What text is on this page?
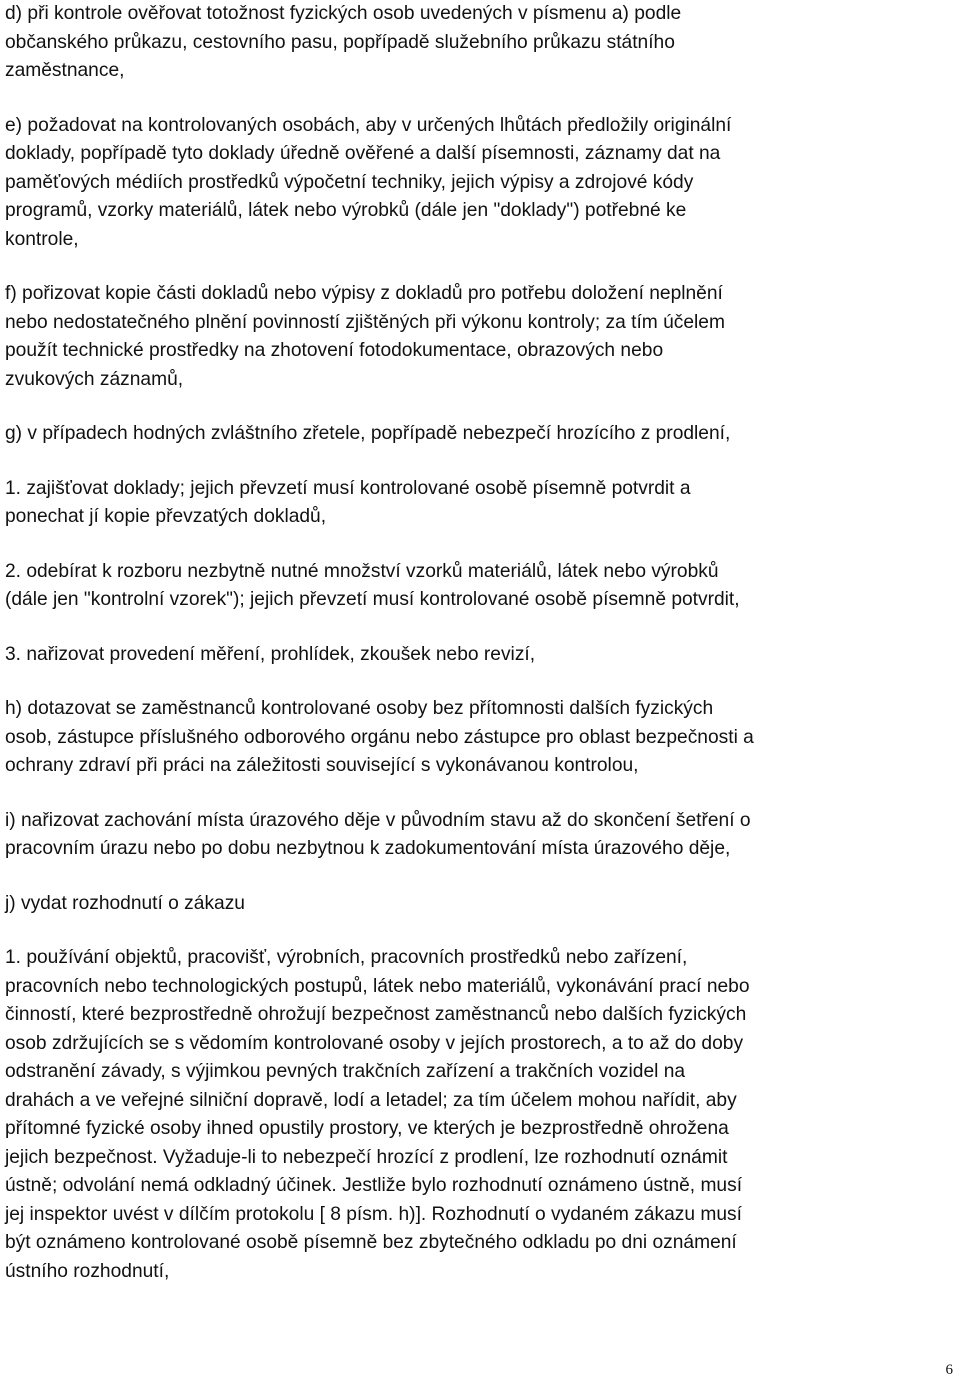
d) při kontrole ověřovat totožnost fyzických osob uvedených v písmenu a) podle
občanského průkazu, cestovního pasu, popřípadě služebního průkazu státního
zaměstnance,
e) požadovat na kontrolovaných osobách, aby v určených lhůtách předložily originální
doklady, popřípadě tyto doklady úředně ověřené a další písemnosti, záznamy dat na
paměťových médiích prostředků výpočetní techniky, jejich výpisy a zdrojové kódy
programů, vzorky materiálů, látek nebo výrobků (dále jen "doklady") potřebné ke
kontrole,
f) pořizovat kopie části dokladů nebo výpisy z dokladů pro potřebu doložení neplnění
nebo nedostatečného plnění povinností zjištěných při výkonu kontroly; za tím účelem
použít technické prostředky na zhotovení fotodokumentace, obrazových nebo
zvukových záznamů,
g) v případech hodných zvláštního zřetele, popřípadě nebezpečí hrozícího z prodlení,
1. zajišťovat doklady; jejich převzetí musí kontrolované osobě písemně potvrdit a
ponechat jí kopie převzatých dokladů,
2. odebírat k rozboru nezbytně nutné množství vzorků materiálů, látek nebo výrobků
(dále jen "kontrolní vzorek"); jejich převzetí musí kontrolované osobě písemně potvrdit,
3. nařizovat provedení měření, prohlídek, zkoušek nebo revizí,
h) dotazovat se zaměstnanců kontrolované osoby bez přítomnosti dalších fyzických
osob, zástupce příslušného odborového orgánu nebo zástupce pro oblast bezpečnosti a
ochrany zdraví při práci na záležitosti související s vykonávanou kontrolou,
i) nařizovat zachování místa úrazového děje v původním stavu až do skončení šetření o
pracovním úrazu nebo po dobu nezbytnou k zadokumentování místa úrazového děje,
j) vydat rozhodnutí o zákazu
1. používání objektů, pracovišť, výrobních, pracovních prostředků nebo zařízení,
pracovních nebo technologických postupů, látek nebo materiálů, vykonávání prací nebo
činností, které bezprostředně ohrožují bezpečnost zaměstnanců nebo dalších fyzických
osob zdržujících se s vědomím kontrolované osoby v jejích prostorech, a to až do doby
odstranění závady, s výjimkou pevných trakčních zařízení a trakčních vozidel na
drahách a ve veřejné silniční dopravě, lodí a letadel; za tím účelem mohou nařídit, aby
přítomné fyzické osoby ihned opustily prostory, ve kterých je bezprostředně ohrožena
jejich bezpečnost. Vyžaduje-li to nebezpečí hrozící z prodlení, lze rozhodnutí oznámit
ústně; odvolání nemá odkladný účinek. Jestliže bylo rozhodnutí oznámeno ústně, musí
jej inspektor uvést v dílčím protokolu [ 8 písm. h)]. Rozhodnutí o vydaném zákazu musí
být oznámeno kontrolované osobě písemně bez zbytečného odkladu po dni oznámení
ústního rozhodnutí,
6
